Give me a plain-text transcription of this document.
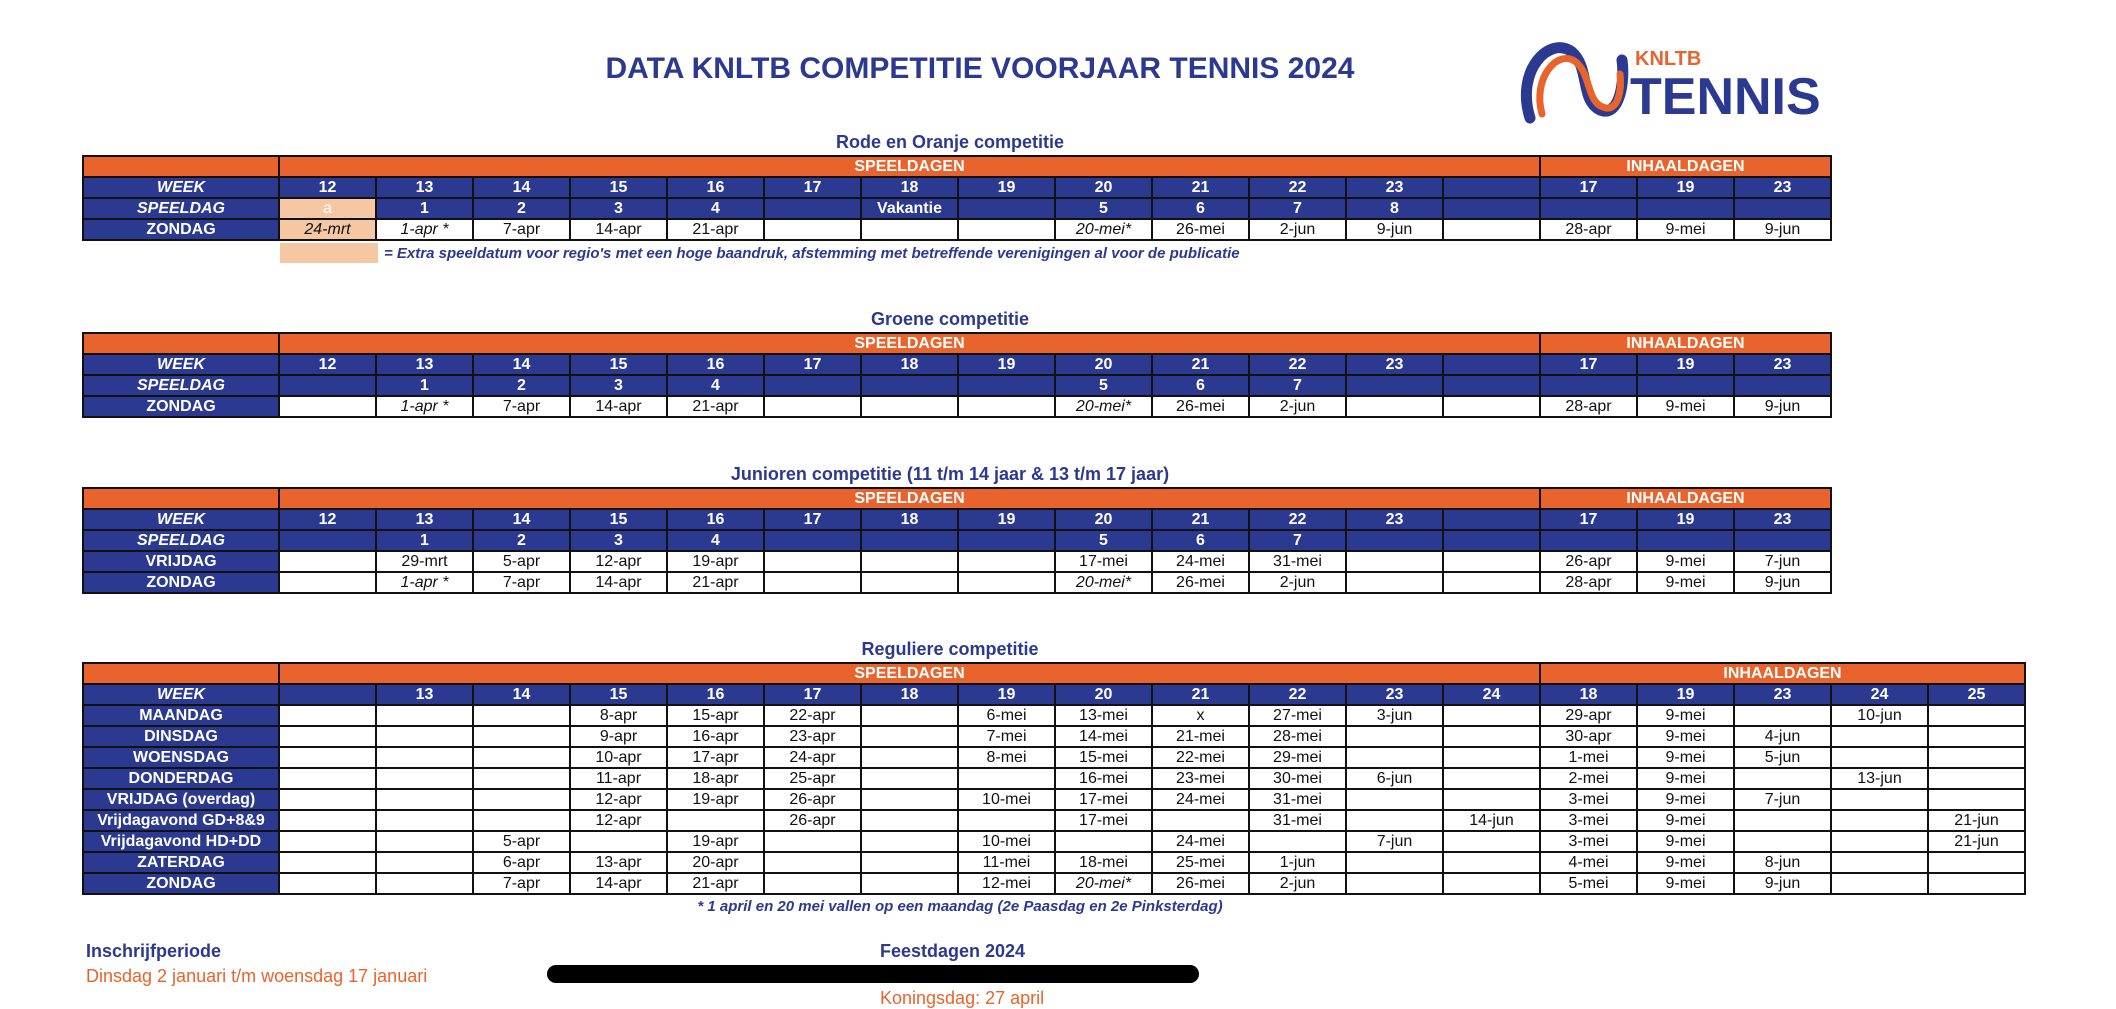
DATA KNLTB COMPETITIE VOORJAAR TENNIS 2024	KNLTB
TENNIS
Rode en Oranje competitie
	SPEELDAGEN													INHAALDAGEN		
WEEK	12	13	14	15	16	17	18	19	20	21	22	23		17	19	23
SPEELDAG	a	1	2	3	4		Vakantie		5	6	7	8				
ZONDAG	24-mrt	1-apr *	7-apr	14-apr	21-apr				20-mei*	26-mei	2-jun	9-jun		28-apr	9-mei	9-jun
= Extra speeldatum voor regio's met een hoge baandruk, afstemming met betreffende verenigingen al voor de publicatie
Groene competitie
	SPEELDAGEN													INHAALDAGEN		
WEEK	12	13	14	15	16	17	18	19	20	21	22	23		17	19	23
SPEELDAG		1	2	3	4				5	6	7					
ZONDAG		1-apr *	7-apr	14-apr	21-apr				20-mei*	26-mei	2-jun			28-apr	9-mei	9-jun
Junioren competitie (11 t/m 14 jaar & 13 t/m 17 jaar)
	SPEELDAGEN													INHAALDAGEN		
WEEK	12	13	14	15	16	17	18	19	20	21	22	23		17	19	23
SPEELDAG		1	2	3	4				5	6	7					
VRIJDAG		29-mrt	5-apr	12-apr	19-apr				17-mei	24-mei	31-mei			26-apr	9-mei	7-jun
ZONDAG		1-apr *	7-apr	14-apr	21-apr				20-mei*	26-mei	2-jun			28-apr	9-mei	9-jun
Reguliere competitie
	SPEELDAGEN													INHAALDAGEN				
WEEK		13	14	15	16	17	18	19	20	21	22	23	24	18	19	23	24	25
MAANDAG				8-apr	15-apr	22-apr		6-mei	13-mei	x	27-mei	3-jun		29-apr	9-mei		10-jun	
DINSDAG				9-apr	16-apr	23-apr		7-mei	14-mei	21-mei	28-mei			30-apr	9-mei	4-jun		
WOENSDAG				10-apr	17-apr	24-apr		8-mei	15-mei	22-mei	29-mei			1-mei	9-mei	5-jun		
DONDERDAG				11-apr	18-apr	25-apr			16-mei	23-mei	30-mei	6-jun		2-mei	9-mei		13-jun	
VRIJDAG (overdag)				12-apr	19-apr	26-apr		10-mei	17-mei	24-mei	31-mei			3-mei	9-mei	7-jun		
Vrijdagavond GD+8&9				12-apr		26-apr			17-mei		31-mei		14-jun	3-mei	9-mei			21-jun
Vrijdagavond HD+DD			5-apr		19-apr			10-mei		24-mei		7-jun		3-mei	9-mei			21-jun
ZATERDAG			6-apr	13-apr	20-apr			11-mei	18-mei	25-mei	1-jun			4-mei	9-mei	8-jun		
ZONDAG			7-apr	14-apr	21-apr			12-mei	20-mei*	26-mei	2-jun			5-mei	9-mei	9-jun		
* 1 april en 20 mei vallen op een maandag (2e Paasdag en 2e Pinksterdag)
Inschrijfperiode
Dinsdag 2 januari t/m woensdag 17 januari
Feestdagen 2024
Koningsdag: 27 april
